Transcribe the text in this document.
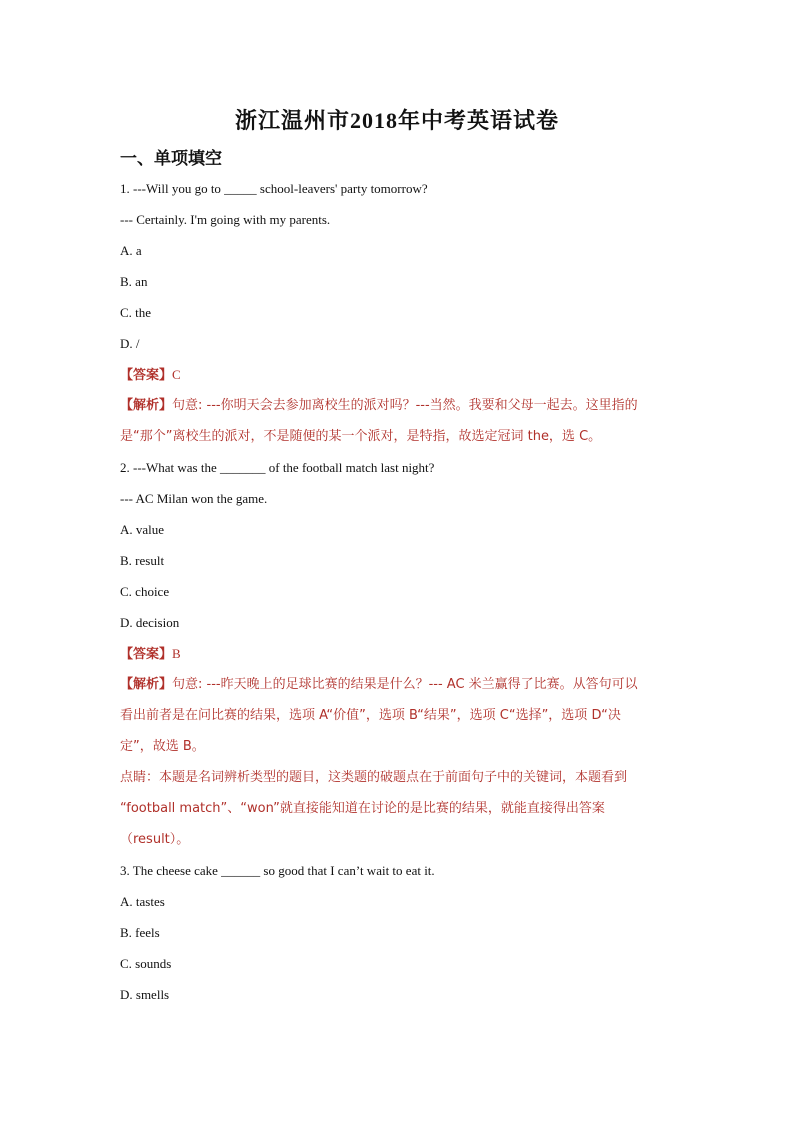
浙江温州市2018年中考英语试卷
一、单项填空
1. ---Will you go to _____ school-leavers' party tomorrow?
--- Certainly. I'm going with my parents.
A. a
B. an
C. the
D. /
【答案】C
【解析】句意: ---你明天会去参加离校生的派对吗？---当然。我要和父母一起去。这里指的
是“那个”离校生的派对，不是随便的某一个派对，是特指，故选定冠词 the，选 C。
2. ---What was the _______ of the football match last night?
--- AC Milan won the game.
A. value
B. result
C. choice
D. decision
【答案】B
【解析】句意: ---昨天晚上的足球比赛的结果是什么？--- AC 米兰赢得了比赛。从答句可以
看出前者是在问比赛的结果，选项 A“价值”，选项 B“结果”，选项 C“选择”，选项 D“决
定”，故选 B。
点睛：本题是名词辨析类型的题目，这类题的破题点在于前面句子中的关键词，本题看到
“football match”、“won”就直接能知道在讨论的是比赛的结果，就能直接得出答案
（result）。
3. The cheese cake ______ so good that I can’t wait to eat it.
A. tastes
B. feels
C. sounds
D. smells
